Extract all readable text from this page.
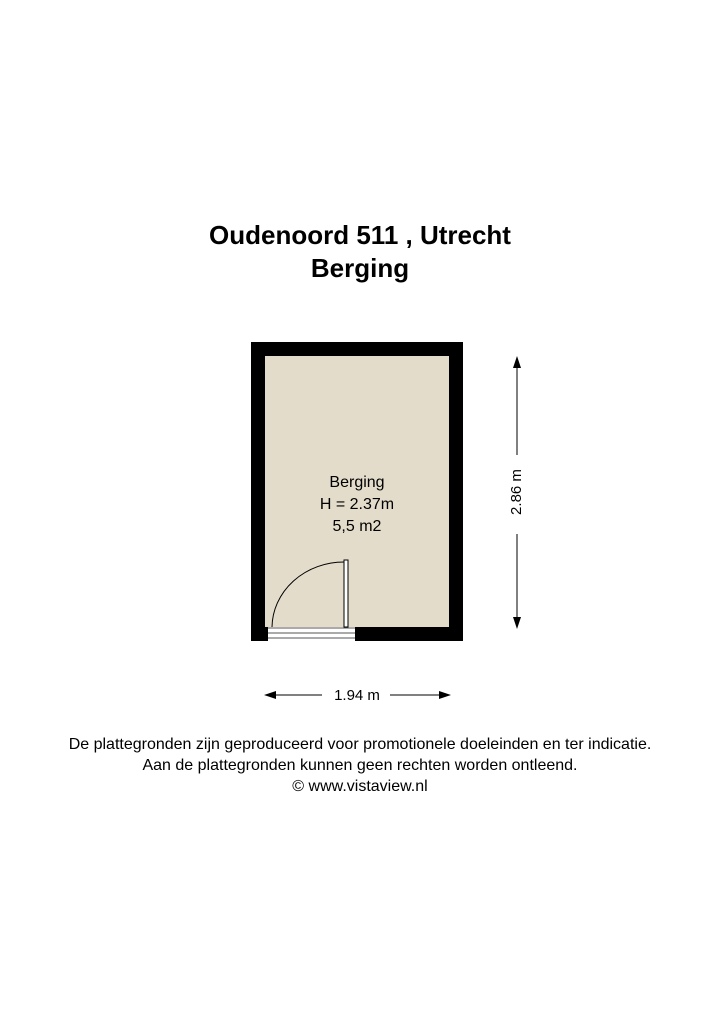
Oudenoord 511 , Utrecht
Berging
Berging
H = 2.37m
5,5 m2
2.86 m
1.94 m
De plattegronden zijn geproduceerd voor promotionele doeleinden en ter indicatie.
Aan de plattegronden kunnen geen rechten worden ontleend.
© www.vistaview.nl
